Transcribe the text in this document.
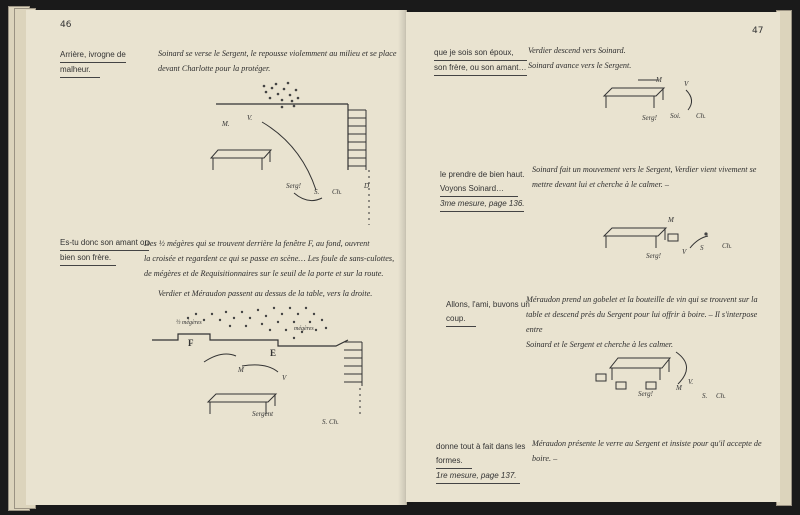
46
Arrière, ivrogne de
malheur.
Soinard se verse le Sergent, le repousse violemment au milieu et se place
devant Charlotte pour la protéger.
M.
V.
Serg!
S. Ch.
D
Es-tu donc son amant ou
bien son frère.
Des ½ mégères qui se trouvent derrière la fenêtre F, au fond, ouvrent
la croisée et regardent ce qui se passe en scène… Les foule de sans-culottes,
de mégères et de Requisitionnaires sur le seuil de la porte et sur la route.
Verdier et Méraudon passent au dessus de la table, vers la droite.
½ mégères
mégères
F
E
M
V
Sergent
S. Ch.
47
que je sois son époux,
son frère, ou son amant…
Verdier descend vers Soinard.
Soinard avance vers le Sergent.
M	V
Serg! Soi. Ch.
le prendre de bien haut.
Voyons Soinard…
3me mesure, page 136.
Soinard fait un mouvement vers le Sergent, Verdier vient vivement se
mettre devant lui et cherche à le calmer. –
M
Serg!	V S	Ch.
Allons, l'ami, buvons un
coup.
Méraudon prend un gobelet et la bouteille de vin qui se trouvent sur la
table et descend près du Sergent pour lui offrir à boire. – Il s'interpose entre
Soinard et le Sergent et cherche à les calmer.
Serg!
M
V.
S. Ch.
donne tout à fait dans les
formes.
1re mesure, page 137.
Méraudon présente le verre au Sergent et insiste pour qu'il accepte de
boire. –
